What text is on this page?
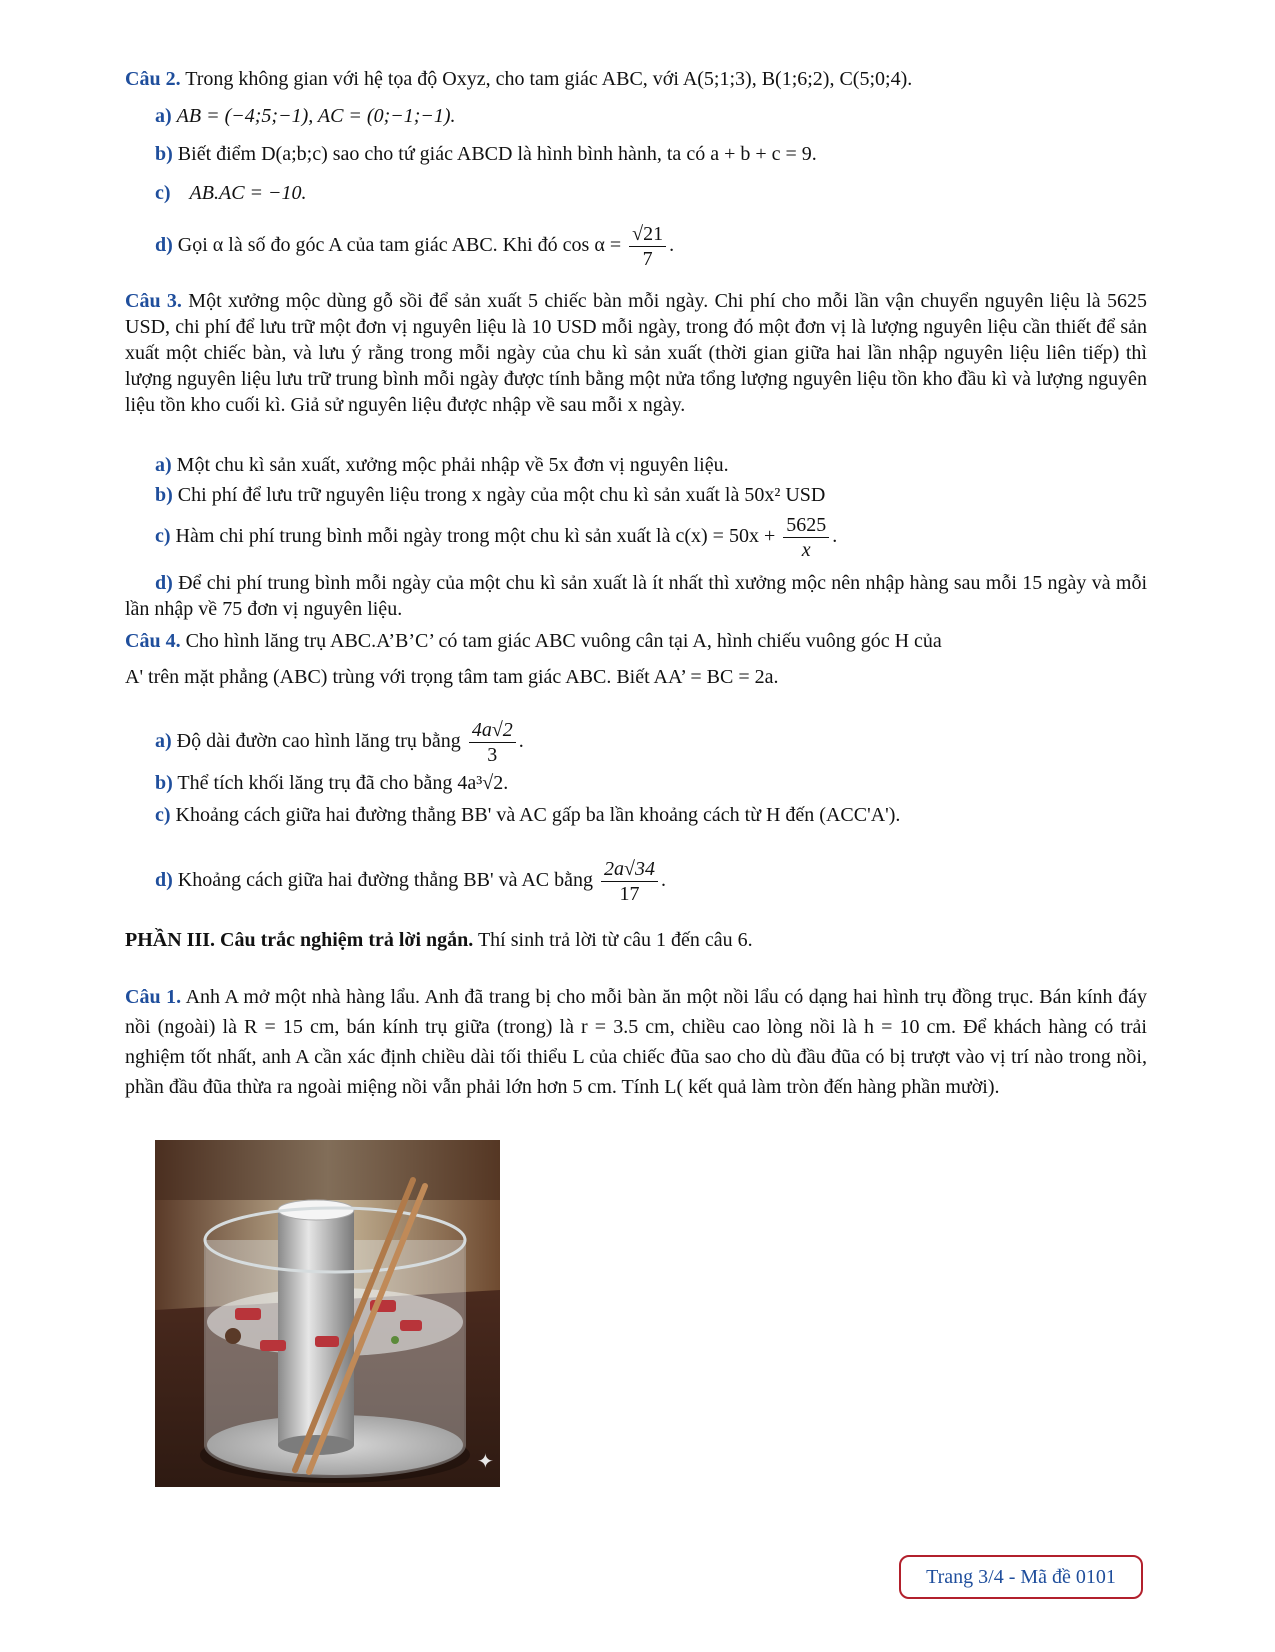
Câu 2. Trong không gian với hệ tọa độ Oxyz, cho tam giác ABC, với A(5;1;3), B(1;6;2), C(5;0;4).
a) AB = (−4;5;−1), AC = (0;−1;−1).
b) Biết điểm D(a;b;c) sao cho tứ giác ABCD là hình bình hành, ta có a + b + c = 9.
c) AB.AC = −10.
d) Gọi α là số đo góc A của tam giác ABC. Khi đó $\cos \alpha = \frac{√21}{7}$ .
Câu 3. Một xưởng mộc dùng gỗ sồi để sản xuất 5 chiếc bàn mỗi ngày. Chi phí cho mỗi lần vận chuyển nguyên liệu là 5625 USD, chi phí để lưu trữ một đơn vị nguyên liệu là 10 USD mỗi ngày, trong đó một đơn vị là lượng nguyên liệu cần thiết để sản xuất một chiếc bàn, và lưu ý rằng trong mỗi ngày của chu kì sản xuất (thời gian giữa hai lần nhập nguyên liệu liên tiếp) thì lượng nguyên liệu lưu trữ trung bình mỗi ngày được tính bằng một nửa tổng lượng nguyên liệu tồn kho đầu kì và lượng nguyên liệu tồn kho cuối kì. Giả sử nguyên liệu được nhập về sau mỗi x ngày.
a) Một chu kì sản xuất, xưởng mộc phải nhập về 5x đơn vị nguyên liệu.
b) Chi phí để lưu trữ nguyên liệu trong x ngày của một chu kì sản xuất là 50x² USD
c) Hàm chi phí trung bình mỗi ngày trong một chu kì sản xuất là $c(x) = 50x + \frac{5625}{x}$ .
d) Để chi phí trung bình mỗi ngày của một chu kì sản xuất là ít nhất thì xưởng mộc nên nhập hàng sau mỗi 15 ngày và mỗi lần nhập về 75 đơn vị nguyên liệu.
Câu 4. Cho hình lăng trụ ABC.A’B’C’ có tam giác ABC vuông cân tại A, hình chiếu vuông góc H của
A' trên mặt phẳng (ABC) trùng với trọng tâm tam giác ABC. Biết AA’ = BC = 2a.
a) Độ dài đườn cao hình lăng trụ bằng $\frac{4a√2}{3}$ .
b) Thể tích khối lăng trụ đã cho bằng 4a³√2.
c) Khoảng cách giữa hai đường thẳng BB' và AC gấp ba lần khoảng cách từ H đến (ACC'A').
d) Khoảng cách giữa hai đường thẳng BB' và AC bằng $\frac{2a√34}{17}$ .
PHẦN III. Câu trắc nghiệm trả lời ngắn. Thí sinh trả lời từ câu 1 đến câu 6.
Câu 1. Anh A mở một nhà hàng lẩu. Anh đã trang bị cho mỗi bàn ăn một nồi lẩu có dạng hai hình trụ đồng trục. Bán kính đáy nồi (ngoài) là R = 15 cm, bán kính trụ giữa (trong) là r = 3.5 cm, chiều cao lòng nồi là h = 10 cm. Để khách hàng có trải nghiệm tốt nhất, anh A cần xác định chiều dài tối thiểu L của chiếc đũa sao cho dù đầu đũa có bị trượt vào vị trí nào trong nồi, phần đầu đũa thừa ra ngoài miệng nồi vẫn phải lớn hơn 5 cm. Tính L( kết quả làm tròn đến hàng phần mười).
✦
Trang 3/4 - Mã đề 0101
